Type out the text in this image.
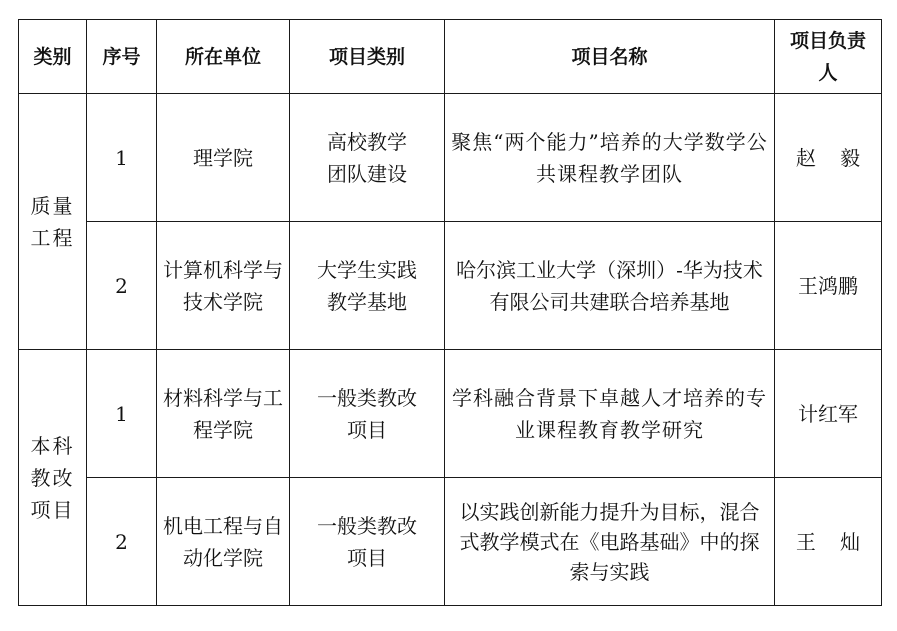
类别	序号	所在单位	项目类别	项目名称	项目负责人
质量工程	1	理学院	高校教学团队建设	聚焦“两个能力”培养的大学数学公共课程教学团队	赵 毅
	2	计算机科学与技术学院	大学生实践教学基地	哈尔滨工业大学（深圳）-华为技术有限公司共建联合培养基地	王鸿鹏
本科教改项目	1	材料科学与工程学院	一般类教改项目	学科融合背景下卓越人才培养的专业课程教育教学研究	计红军
	2	机电工程与自动化学院	一般类教改项目	以实践创新能力提升为目标，混合式教学模式在《电路基础》中的探索与实践	王 灿
